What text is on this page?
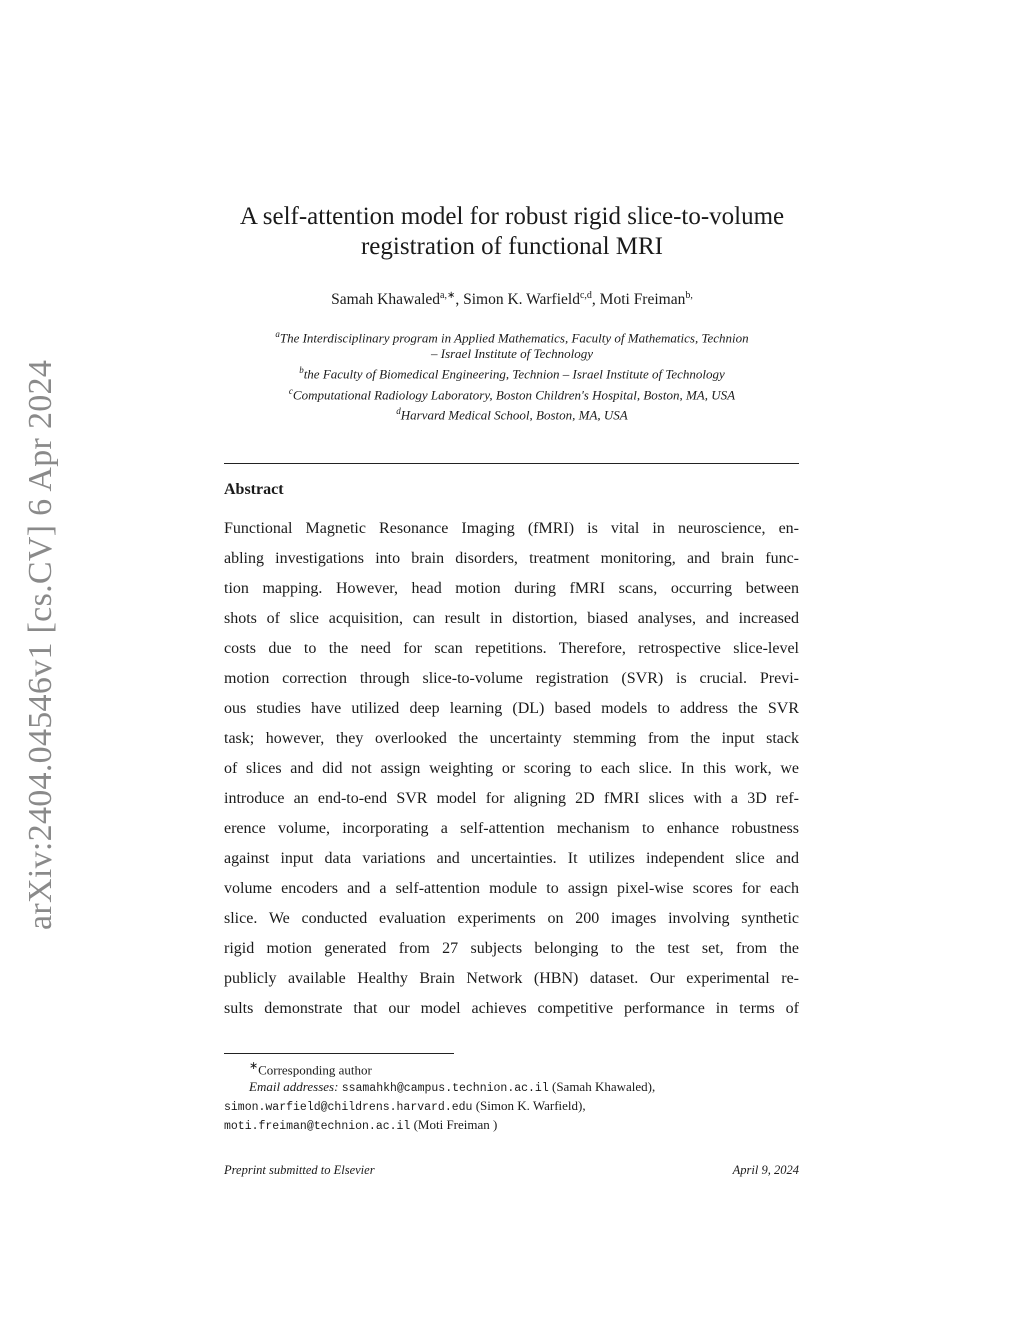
arXiv:2404.04546v1 [cs.CV] 6 Apr 2024
A self-attention model for robust rigid slice-to-volume
registration of functional MRI
Samah Khawaled$^{a,∗}$, Simon K. Warfield$^{c,d}$, Moti Freiman$^{b,}$
$^a$The Interdisciplinary program in Applied Mathematics, Faculty of Mathematics, Technion
– Israel Institute of Technology
$^b$the Faculty of Biomedical Engineering, Technion – Israel Institute of Technology
$^c$Computational Radiology Laboratory, Boston Children's Hospital, Boston, MA, USA
$^d$Harvard Medical School, Boston, MA, USA
Abstract
Functional Magnetic Resonance Imaging (fMRI) is vital in neuroscience, en-
abling investigations into brain disorders, treatment monitoring, and brain func-
tion mapping. However, head motion during fMRI scans, occurring between
shots of slice acquisition, can result in distortion, biased analyses, and increased
costs due to the need for scan repetitions. Therefore, retrospective slice-level
motion correction through slice-to-volume registration (SVR) is crucial. Previ-
ous studies have utilized deep learning (DL) based models to address the SVR
task; however, they overlooked the uncertainty stemming from the input stack
of slices and did not assign weighting or scoring to each slice. In this work, we
introduce an end-to-end SVR model for aligning 2D fMRI slices with a 3D ref-
erence volume, incorporating a self-attention mechanism to enhance robustness
against input data variations and uncertainties. It utilizes independent slice and
volume encoders and a self-attention module to assign pixel-wise scores for each
slice. We conducted evaluation experiments on 200 images involving synthetic
rigid motion generated from 27 subjects belonging to the test set, from the
publicly available Healthy Brain Network (HBN) dataset. Our experimental re-
sults demonstrate that our model achieves competitive performance in terms of
∗Corresponding author
Email addresses: ssamahkh@campus.technion.ac.il (Samah Khawaled),
simon.warfield@childrens.harvard.edu (Simon K. Warfield),
moti.freiman@technion.ac.il (Moti Freiman )
Preprint submitted to Elsevier	April 9, 2024
